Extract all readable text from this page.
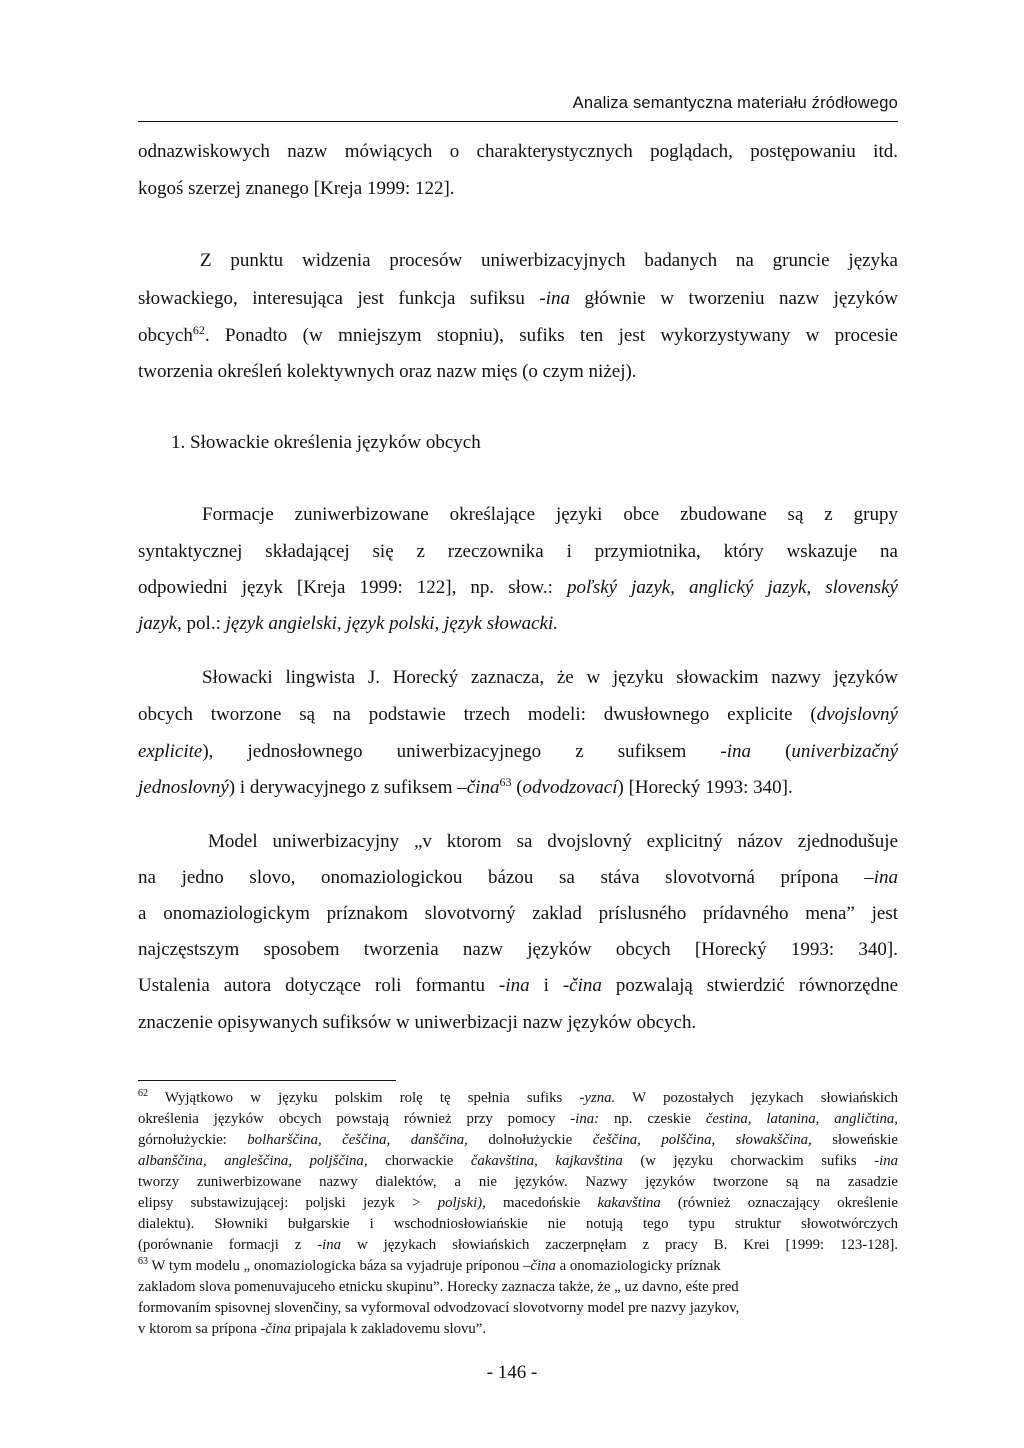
Analiza semantyczna materiału źródłowego
odnazwiskowych nazw mówiących o charakterystycznych poglądach, postępowaniu itd.
kogoś szerzej znanego [Kreja 1999: 122].
Z punktu widzenia procesów uniwerbizacyjnych badanych na gruncie języka
słowackiego, interesująca jest funkcja sufiksu -ina głównie w tworzeniu nazw języków
obcych$^{62}$. Ponadto (w mniejszym stopniu), sufiks ten jest wykorzystywany w procesie
tworzenia określeń kolektywnych oraz nazw mięs (o czym niżej).
1. Słowackie określenia języków obcych
Formacje zuniwerbizowane określające języki obce zbudowane są z grupy
syntaktycznej składającej się z rzeczownika i przymiotnika, który wskazuje na
odpowiedni język [Kreja 1999: 122], np. słow.: poľský jazyk, anglický jazyk, slovenský
jazyk, pol.: język angielski, język polski, język słowacki.
Słowacki lingwista J. Horecký zaznacza, że w języku słowackim nazwy języków
obcych tworzone są na podstawie trzech modeli: dwusłownego explicite (dvojslovný
explicite), jednosłownego uniwerbizacyjnego z sufiksem -ina (univerbizačný
jednoslovný) i derywacyjnego z sufiksem –čina$^{63}$ (odvodzovací) [Horecký 1993: 340].
Model uniwerbizacyjny „v ktorom sa dvojslovný explicitný názov zjednodušuje
na jedno slovo, onomaziologickou bázou sa stáva slovotvorná prípona –ina
a onomaziologickym príznakom slovotvorný zaklad príslusného prídavného mena” jest
najczęstszym sposobem tworzenia nazw języków obcych [Horecký 1993: 340].
Ustalenia autora dotyczące roli formantu -ina i -čina pozwalają stwierdzić równorzędne
znaczenie opisywanych sufiksów w uniwerbizacji nazw języków obcych.
$^{62}$ Wyjątkowo w języku polskim rolę tę spełnia sufiks -yzna. W pozostałych językach słowiańskich
określenia języków obcych powstają również przy pomocy -ina: np. czeskie čestina, latanina, angličtina,
górnołużyckie: bolharščina, češčina, danščina, dolnołużyckie češčina, polščina, słowakščina, słoweńskie
albanščina, angleščina, poljščina, chorwackie čakavština, kajkavština (w języku chorwackim sufiks -ina
tworzy zuniwerbizowane nazwy dialektów, a nie języków. Nazwy języków tworzone są na zasadzie
elipsy substawizującej: poljski jezyk > poljski), macedońskie kakavština (również oznaczający określenie
dialektu). Słowniki bułgarskie i wschodniosłowiańskie nie notują tego typu struktur słowotwórczych
(porównanie formacji z -ina w językach słowiańskich zaczerpnęłam z pracy B. Krei [1999: 123-128].
$^{63}$ W tym modelu „ onomaziologicka báza sa vyjadruje príponou –čina a onomaziologicky príznak
zakladom slova pomenuvajuceho etnicku skupinu”. Horecky zaznacza także, że „ uz davno, eśte pred
formovaním spisovnej slovenčiny, sa vyformoval odvodzovací slovotvorny model pre nazvy jazykov,
v ktorom sa prípona -čina pripajala k zakladovemu slovu”.
- 146 -
